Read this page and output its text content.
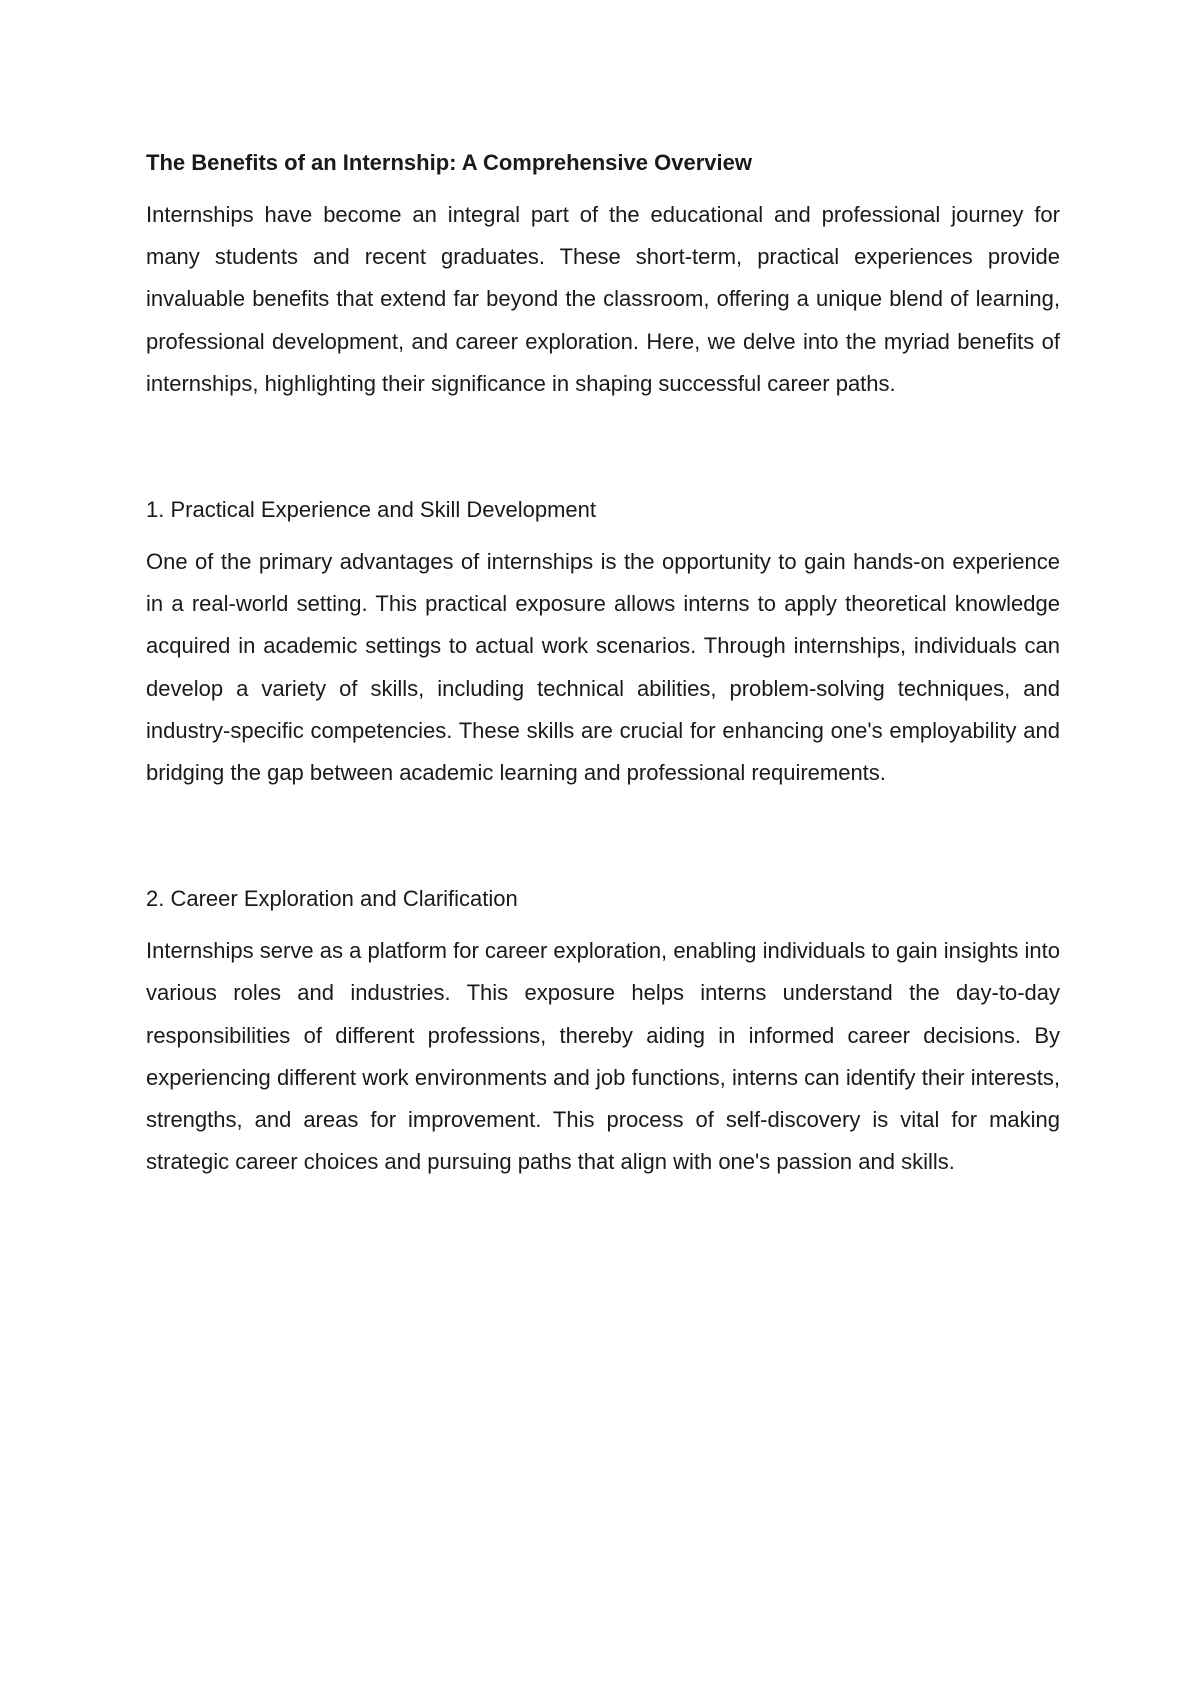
The Benefits of an Internship: A Comprehensive Overview

Internships have become an integral part of the educational and professional journey for many students and recent graduates. These short-term, practical experiences provide invaluable benefits that extend far beyond the classroom, offering a unique blend of learning, professional development, and career exploration. Here, we delve into the myriad benefits of internships, highlighting their significance in shaping successful career paths.

1. Practical Experience and Skill Development

One of the primary advantages of internships is the opportunity to gain hands-on experience in a real-world setting. This practical exposure allows interns to apply theoretical knowledge acquired in academic settings to actual work scenarios. Through internships, individuals can develop a variety of skills, including technical abilities, problem-solving techniques, and industry-specific competencies. These skills are crucial for enhancing one's employability and bridging the gap between academic learning and professional requirements.

2. Career Exploration and Clarification

Internships serve as a platform for career exploration, enabling individuals to gain insights into various roles and industries. This exposure helps interns understand the day-to-day responsibilities of different professions, thereby aiding in informed career decisions. By experiencing different work environments and job functions, interns can identify their interests, strengths, and areas for improvement. This process of self-discovery is vital for making strategic career choices and pursuing paths that align with one's passion and skills.
